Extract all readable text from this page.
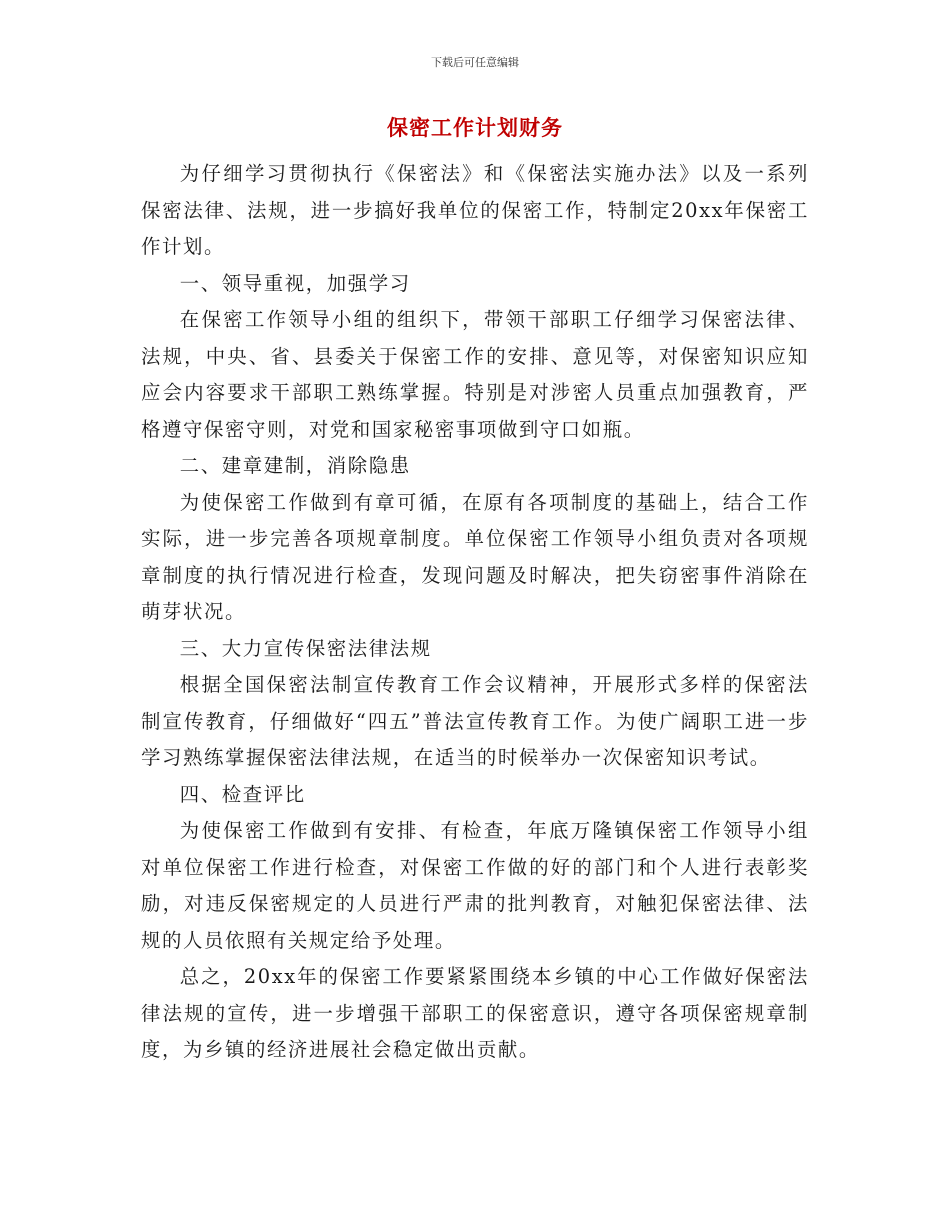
下载后可任意编辑
保密工作计划财务

为仔细学习贯彻执行《保密法》和《保密法实施办法》以及一系列保密法律、法规，进一步搞好我单位的保密工作，特制定20xx年保密工作计划。

一、领导重视，加强学习

在保密工作领导小组的组织下，带领干部职工仔细学习保密法律、法规，中央、省、县委关于保密工作的安排、意见等，对保密知识应知应会内容要求干部职工熟练掌握。特别是对涉密人员重点加强教育，严格遵守保密守则，对党和国家秘密事项做到守口如瓶。

二、建章建制，消除隐患

为使保密工作做到有章可循，在原有各项制度的基础上，结合工作实际，进一步完善各项规章制度。单位保密工作领导小组负责对各项规章制度的执行情况进行检查，发现问题及时解决，把失窃密事件消除在萌芽状况。

三、大力宣传保密法律法规

根据全国保密法制宣传教育工作会议精神，开展形式多样的保密法制宣传教育，仔细做好“四五”普法宣传教育工作。为使广阔职工进一步学习熟练掌握保密法律法规，在适当的时候举办一次保密知识考试。

四、检查评比

为使保密工作做到有安排、有检查，年底万隆镇保密工作领导小组对单位保密工作进行检查，对保密工作做的好的部门和个人进行表彰奖励，对违反保密规定的人员进行严肃的批判教育，对触犯保密法律、法规的人员依照有关规定给予处理。

总之，20xx年的保密工作要紧紧围绕本乡镇的中心工作做好保密法律法规的宣传，进一步增强干部职工的保密意识，遵守各项保密规章制度，为乡镇的经济进展社会稳定做出贡献。
